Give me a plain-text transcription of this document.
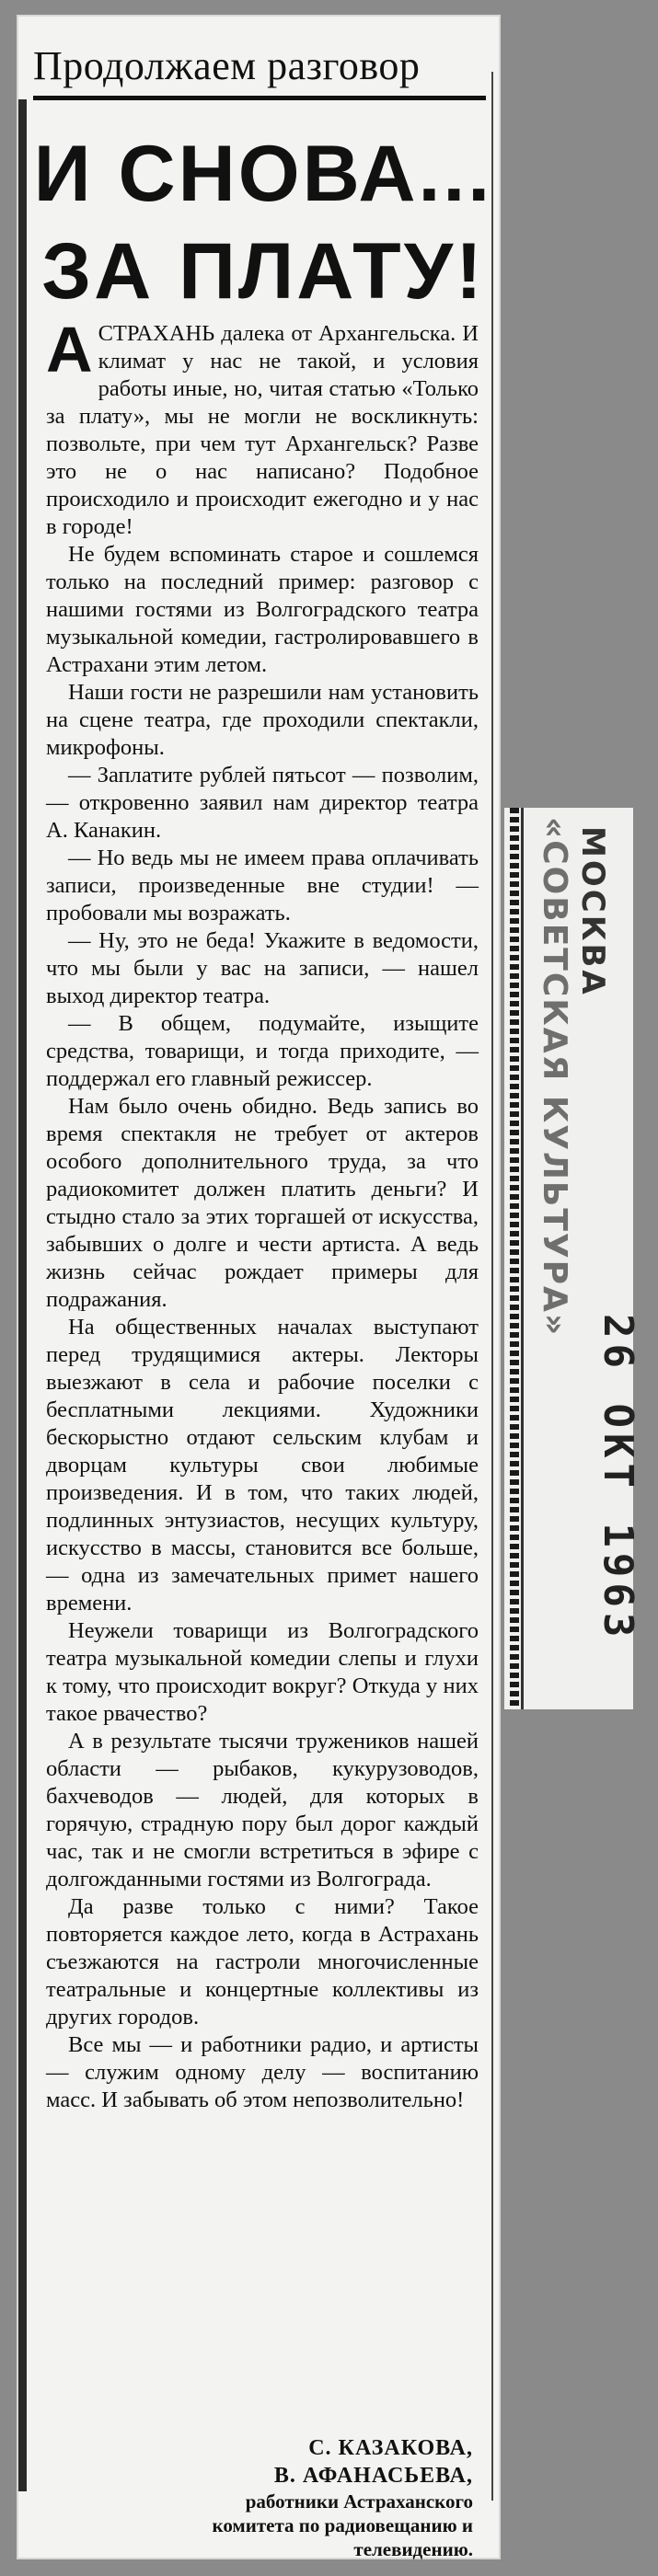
Продолжаем разговор
И СНОВА...
ЗА ПЛАТУ!

АСТРАХАНЬ далека от Архангельска. И климат у нас не такой, и условия работы иные, но, читая статью «Только за плату», мы не могли не воскликнуть: позвольте, при чем тут Архангельск? Разве это не о нас написано? Подобное происходило и происходит ежегодно и у нас в городе!

Не будем вспоминать старое и сошлемся только на последний пример: разговор с нашими гостями из Волгоградского театра музыкальной комедии, гастролировавшего в Астрахани этим летом.

Наши гости не разрешили нам установить на сцене театра, где проходили спектакли, микрофоны.

— Заплатите рублей пятьсот — позволим, — откровенно заявил нам директор театра А. Канакин.

— Но ведь мы не имеем права оплачивать записи, произведенные вне студии! — пробовали мы возражать.

— Ну, это не беда! Укажите в ведомости, что мы были у вас на записи, — нашел выход директор театра.

— В общем, подумайте, изыщите средства, товарищи, и тогда приходите, — поддержал его главный режиссер.

Нам было очень обидно. Ведь запись во время спектакля не требует от актеров особого дополнительного труда, за что радиокомитет должен платить деньги? И стыдно стало за этих торгашей от искусства, забывших о долге и чести артиста. А ведь жизнь сейчас рождает примеры для подражания.

На общественных началах выступают перед трудящимися актеры. Лекторы выезжают в села и рабочие поселки с бесплатными лекциями. Художники бескорыстно отдают сельским клубам и дворцам культуры свои любимые произведения. И в том, что таких людей, подлинных энтузиастов, несущих культуру, искусство в массы, становится все больше, — одна из замечательных примет нашего времени.

Неужели товарищи из Волгоградского театра музыкальной комедии слепы и глухи к тому, что происходит вокруг? Откуда у них такое рвачество?

А в результате тысячи тружеников нашей области — рыбаков, кукурузоводов, бахчеводов — людей, для которых в горячую, страдную пору был дорог каждый час, так и не смогли встретиться в эфире с долгожданными гостями из Волгограда.

Да разве только с ними? Такое повторяется каждое лето, когда в Астрахань съезжаются на гастроли многочисленные театральные и концертные коллективы из других городов.

Все мы — и работники радио, и артисты — служим одному делу — воспитанию масс. И забывать об этом непозволительно!

С. КАЗАКОВА,
В. АФАНАСЬЕВА,
работники Астраханского
комитета по радиовещанию и
телевидению.
«СОВЕТСКАЯ КУЛЬТУРА» МОСКВА
26 ОКТ 1963
